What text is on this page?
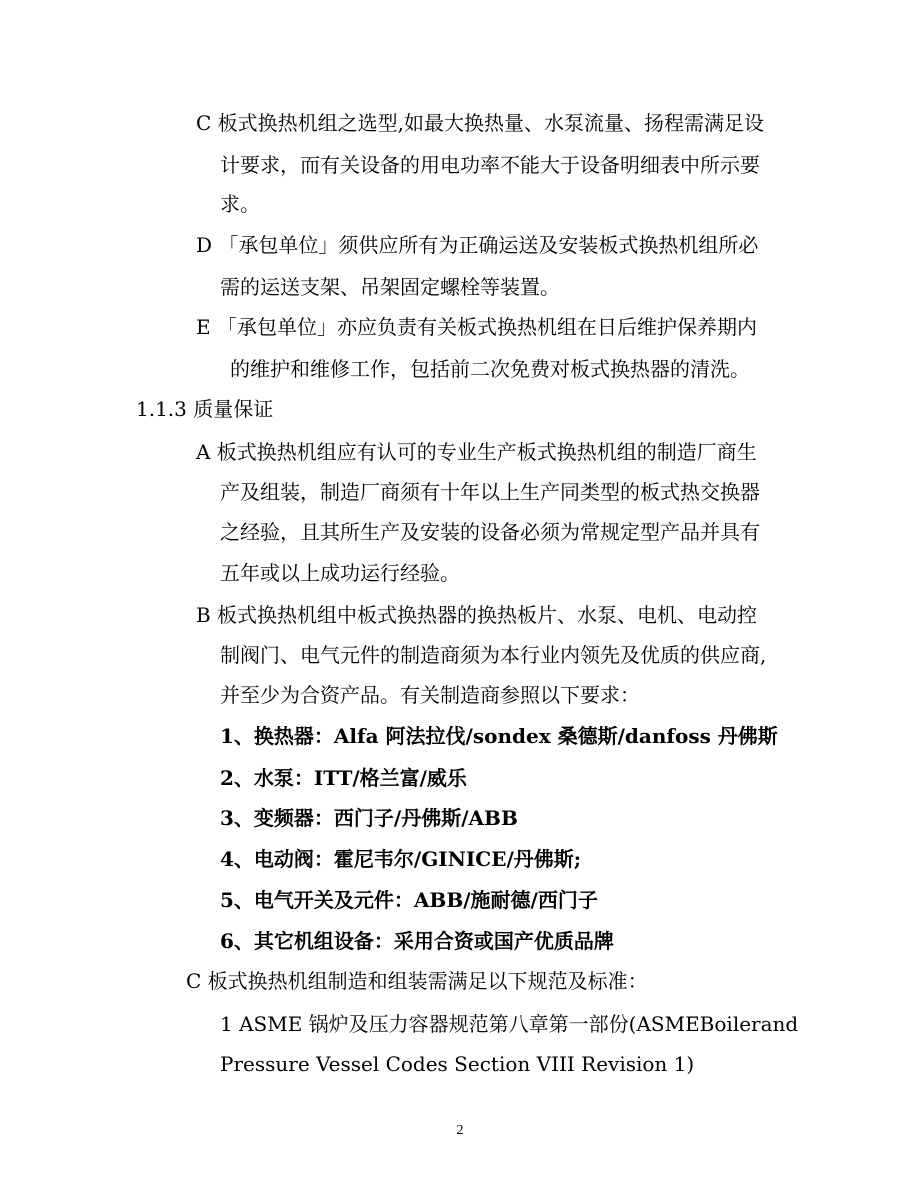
C 板式换热机组之选型,如最大换热量、水泵流量、扬程需满足设
计要求，而有关设备的用电功率不能大于设备明细表中所示要
求。
D 「承包单位」须供应所有为正确运送及安装板式换热机组所必
需的运送支架、吊架固定螺栓等装置。
E 「承包单位」亦应负责有关板式换热机组在日后维护保养期内
的维护和维修工作，包括前二次免费对板式换热器的清洗。
1.1.3 质量保证
A 板式换热机组应有认可的专业生产板式换热机组的制造厂商生
产及组装，制造厂商须有十年以上生产同类型的板式热交换器
之经验，且其所生产及安装的设备必须为常规定型产品并具有
五年或以上成功运行经验。
B 板式换热机组中板式换热器的换热板片、水泵、电机、电动控
制阀门、电气元件的制造商须为本行业内领先及优质的供应商,
并至少为合资产品。有关制造商参照以下要求：
1、换热器：Alfa 阿法拉伐/sondex 桑德斯/danfoss 丹佛斯
2、水泵：ITT/格兰富/威乐
3、变频器：西门子/丹佛斯/ABB
4、电动阀：霍尼韦尔/GINICE/丹佛斯;
5、电气开关及元件：ABB/施耐德/西门子
6、其它机组设备：采用合资或国产优质品牌
C 板式换热机组制造和组装需满足以下规范及标准：
1 ASME 锅炉及压力容器规范第八章第一部份(ASMEBoilerand
Pressure Vessel Codes Section VIII Revision 1)
2
